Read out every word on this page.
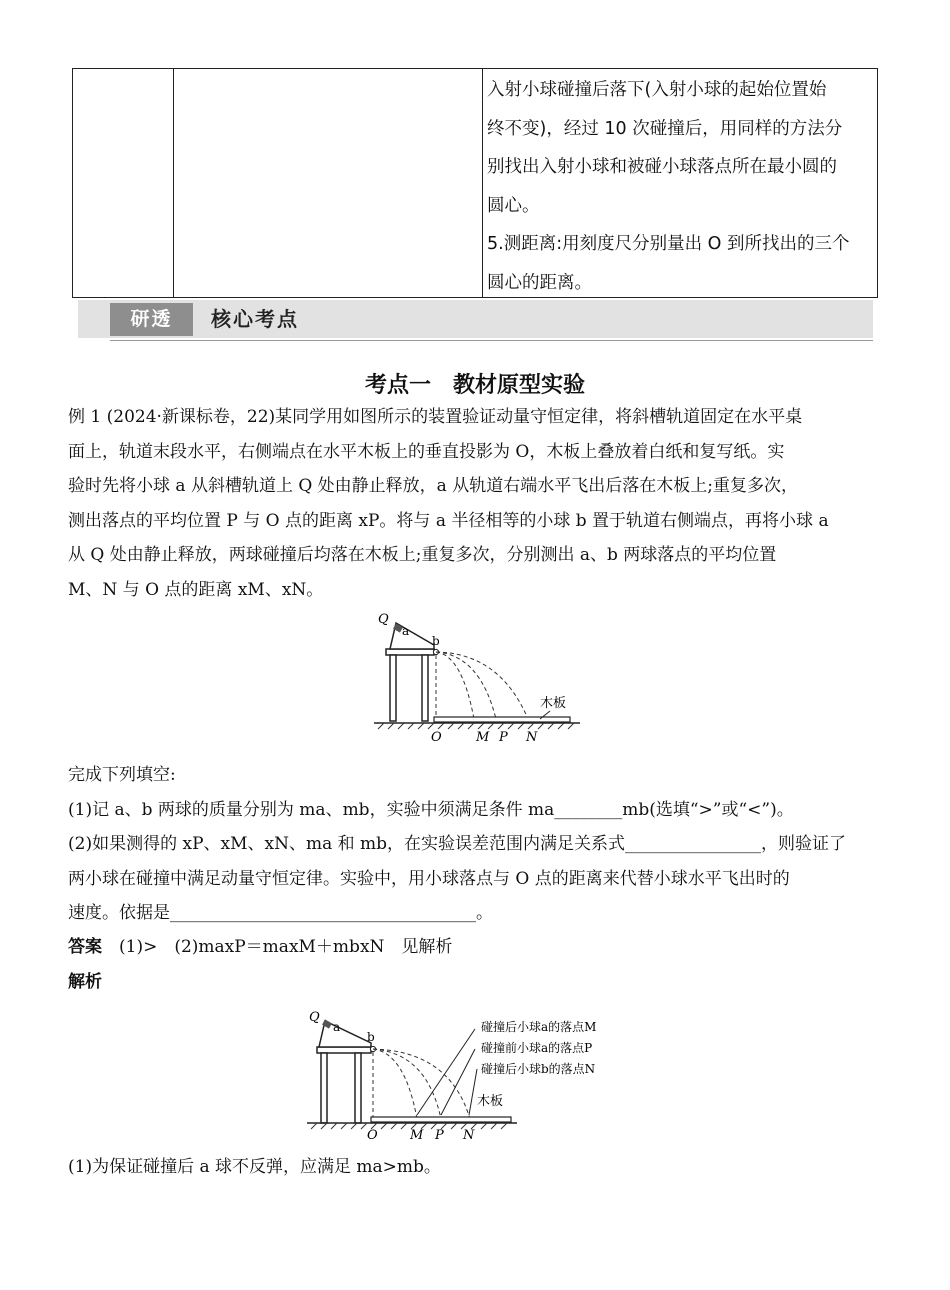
入射小球碰撞后落下(入射小球的起始位置始

终不变)，经过 10 次碰撞后，用同样的方法分

别找出入射小球和被碰小球落点所在最小圆的

圆心。

5.测距离:用刻度尺分别量出 O 到所找出的三个

圆心的距离。

研透	核心考点
考点一　教材原型实验

例 1 (2024·新课标卷，22)某同学用如图所示的装置验证动量守恒定律，将斜槽轨道固定在水平桌

面上，轨道末段水平，右侧端点在水平木板上的垂直投影为 O，木板上叠放着白纸和复写纸。实

验时先将小球 a 从斜槽轨道上 Q 处由静止释放，a 从轨道右端水平飞出后落在木板上;重复多次，

测出落点的平均位置 P 与 O 点的距离 xP。将与 a 半径相等的小球 b 置于轨道右侧端点，再将小球 a

从 Q 处由静止释放，两球碰撞后均落在木板上;重复多次，分别测出 a、b 两球落点的平均位置

M、N 与 O 点的距离 xM、xN。

Q
a
b
木板
O	M P N

完成下列填空:

(1)记 a、b 两球的质量分别为 ma、mb，实验中须满足条件 ma________mb(选填“>”或“<”)。

(2)如果测得的 xP、xM、xN、ma 和 mb，在实验误差范围内满足关系式________________，则验证了

两小球在碰撞中满足动量守恒定律。实验中，用小球落点与 O 点的距离来代替小球水平飞出时的

速度。依据是____________________________________。

答案　 (1)>　(2)maxP＝maxM＋mbxN　见解析

解析

碰撞后小球a的落点M
碰撞前小球a的落点P
碰撞后小球b的落点N
Q
a
b
木板
O M P N

(1)为保证碰撞后 a 球不反弹，应满足 ma>mb。
